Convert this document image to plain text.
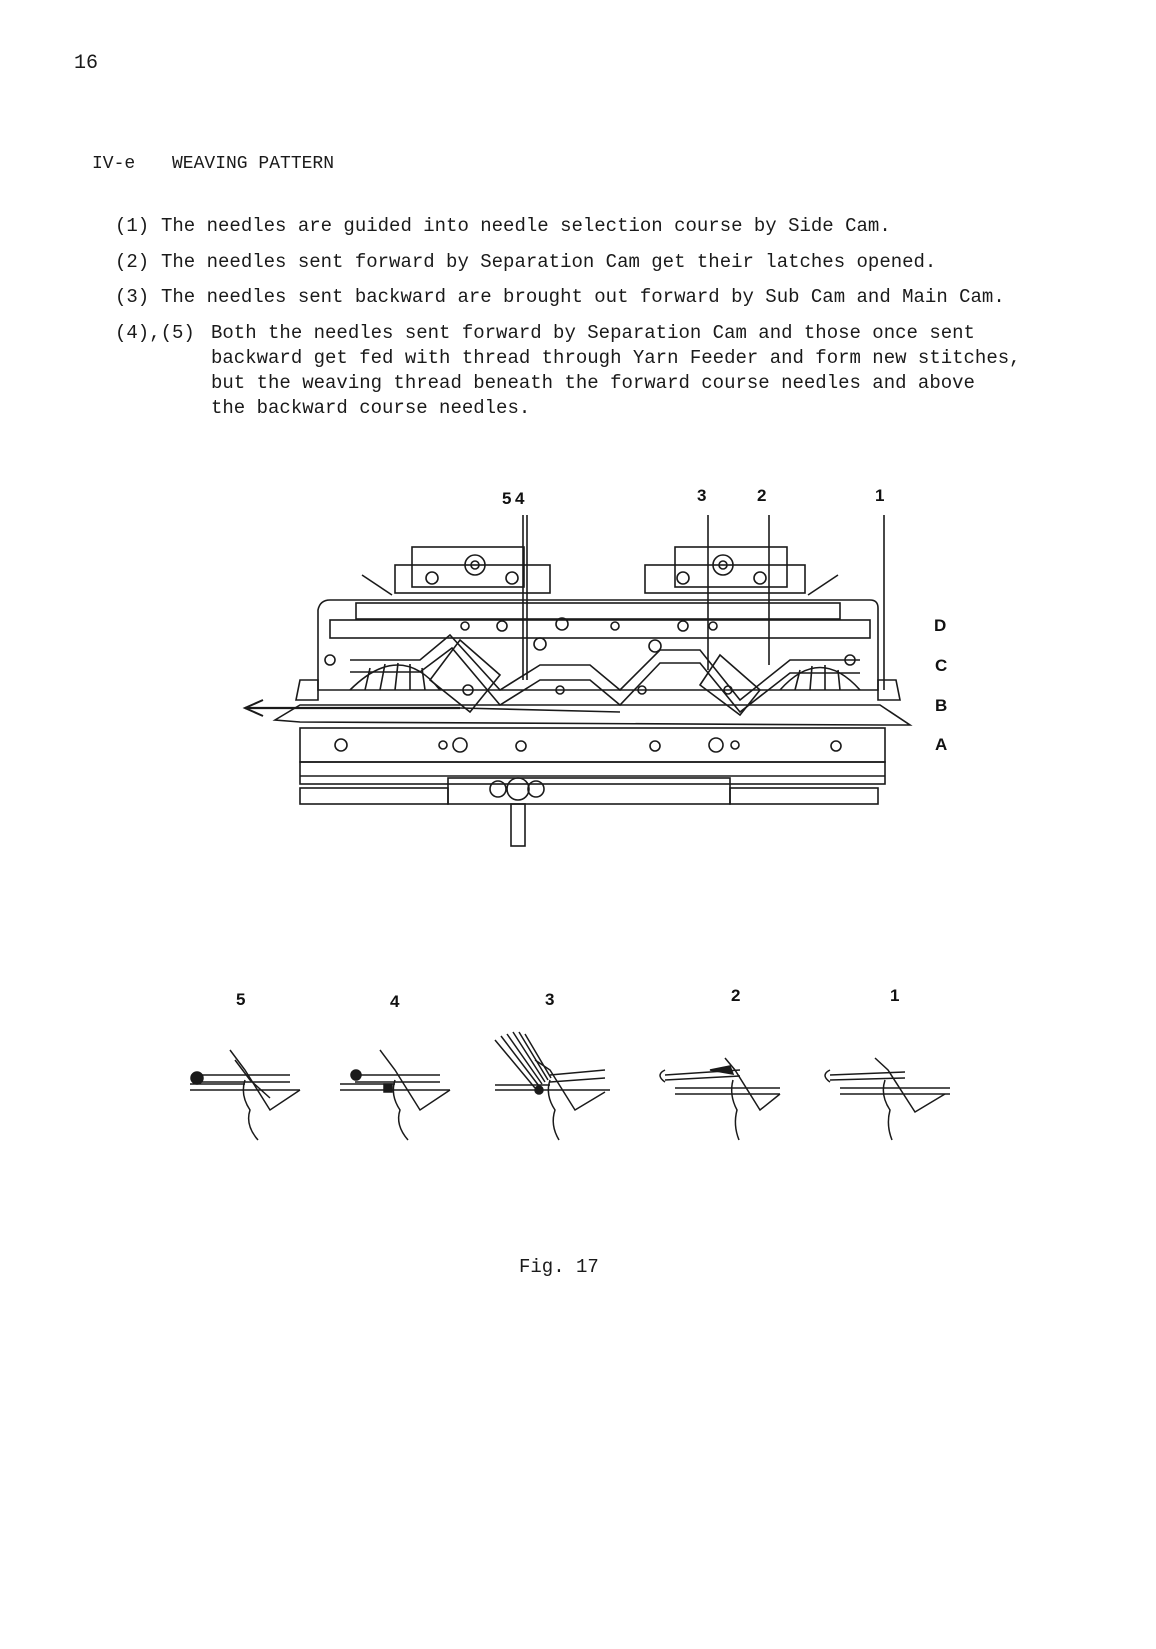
16
IV-e WEAVING PATTERN
(1) The needles are guided into needle selection course by Side Cam.
(2) The needles sent forward by Separation Cam get their latches opened.
(3) The needles sent backward are brought out forward by Sub Cam and Main Cam.
(4),(5) Both the needles sent forward by Separation Cam and those once sent
backward get fed with thread through Yarn Feeder and form new stitches,
but the weaving thread beneath the forward course needles and above
the backward course needles.
5 4	3	2	1
D
C
B
A
5	4	3	2	1
Fig. 17
